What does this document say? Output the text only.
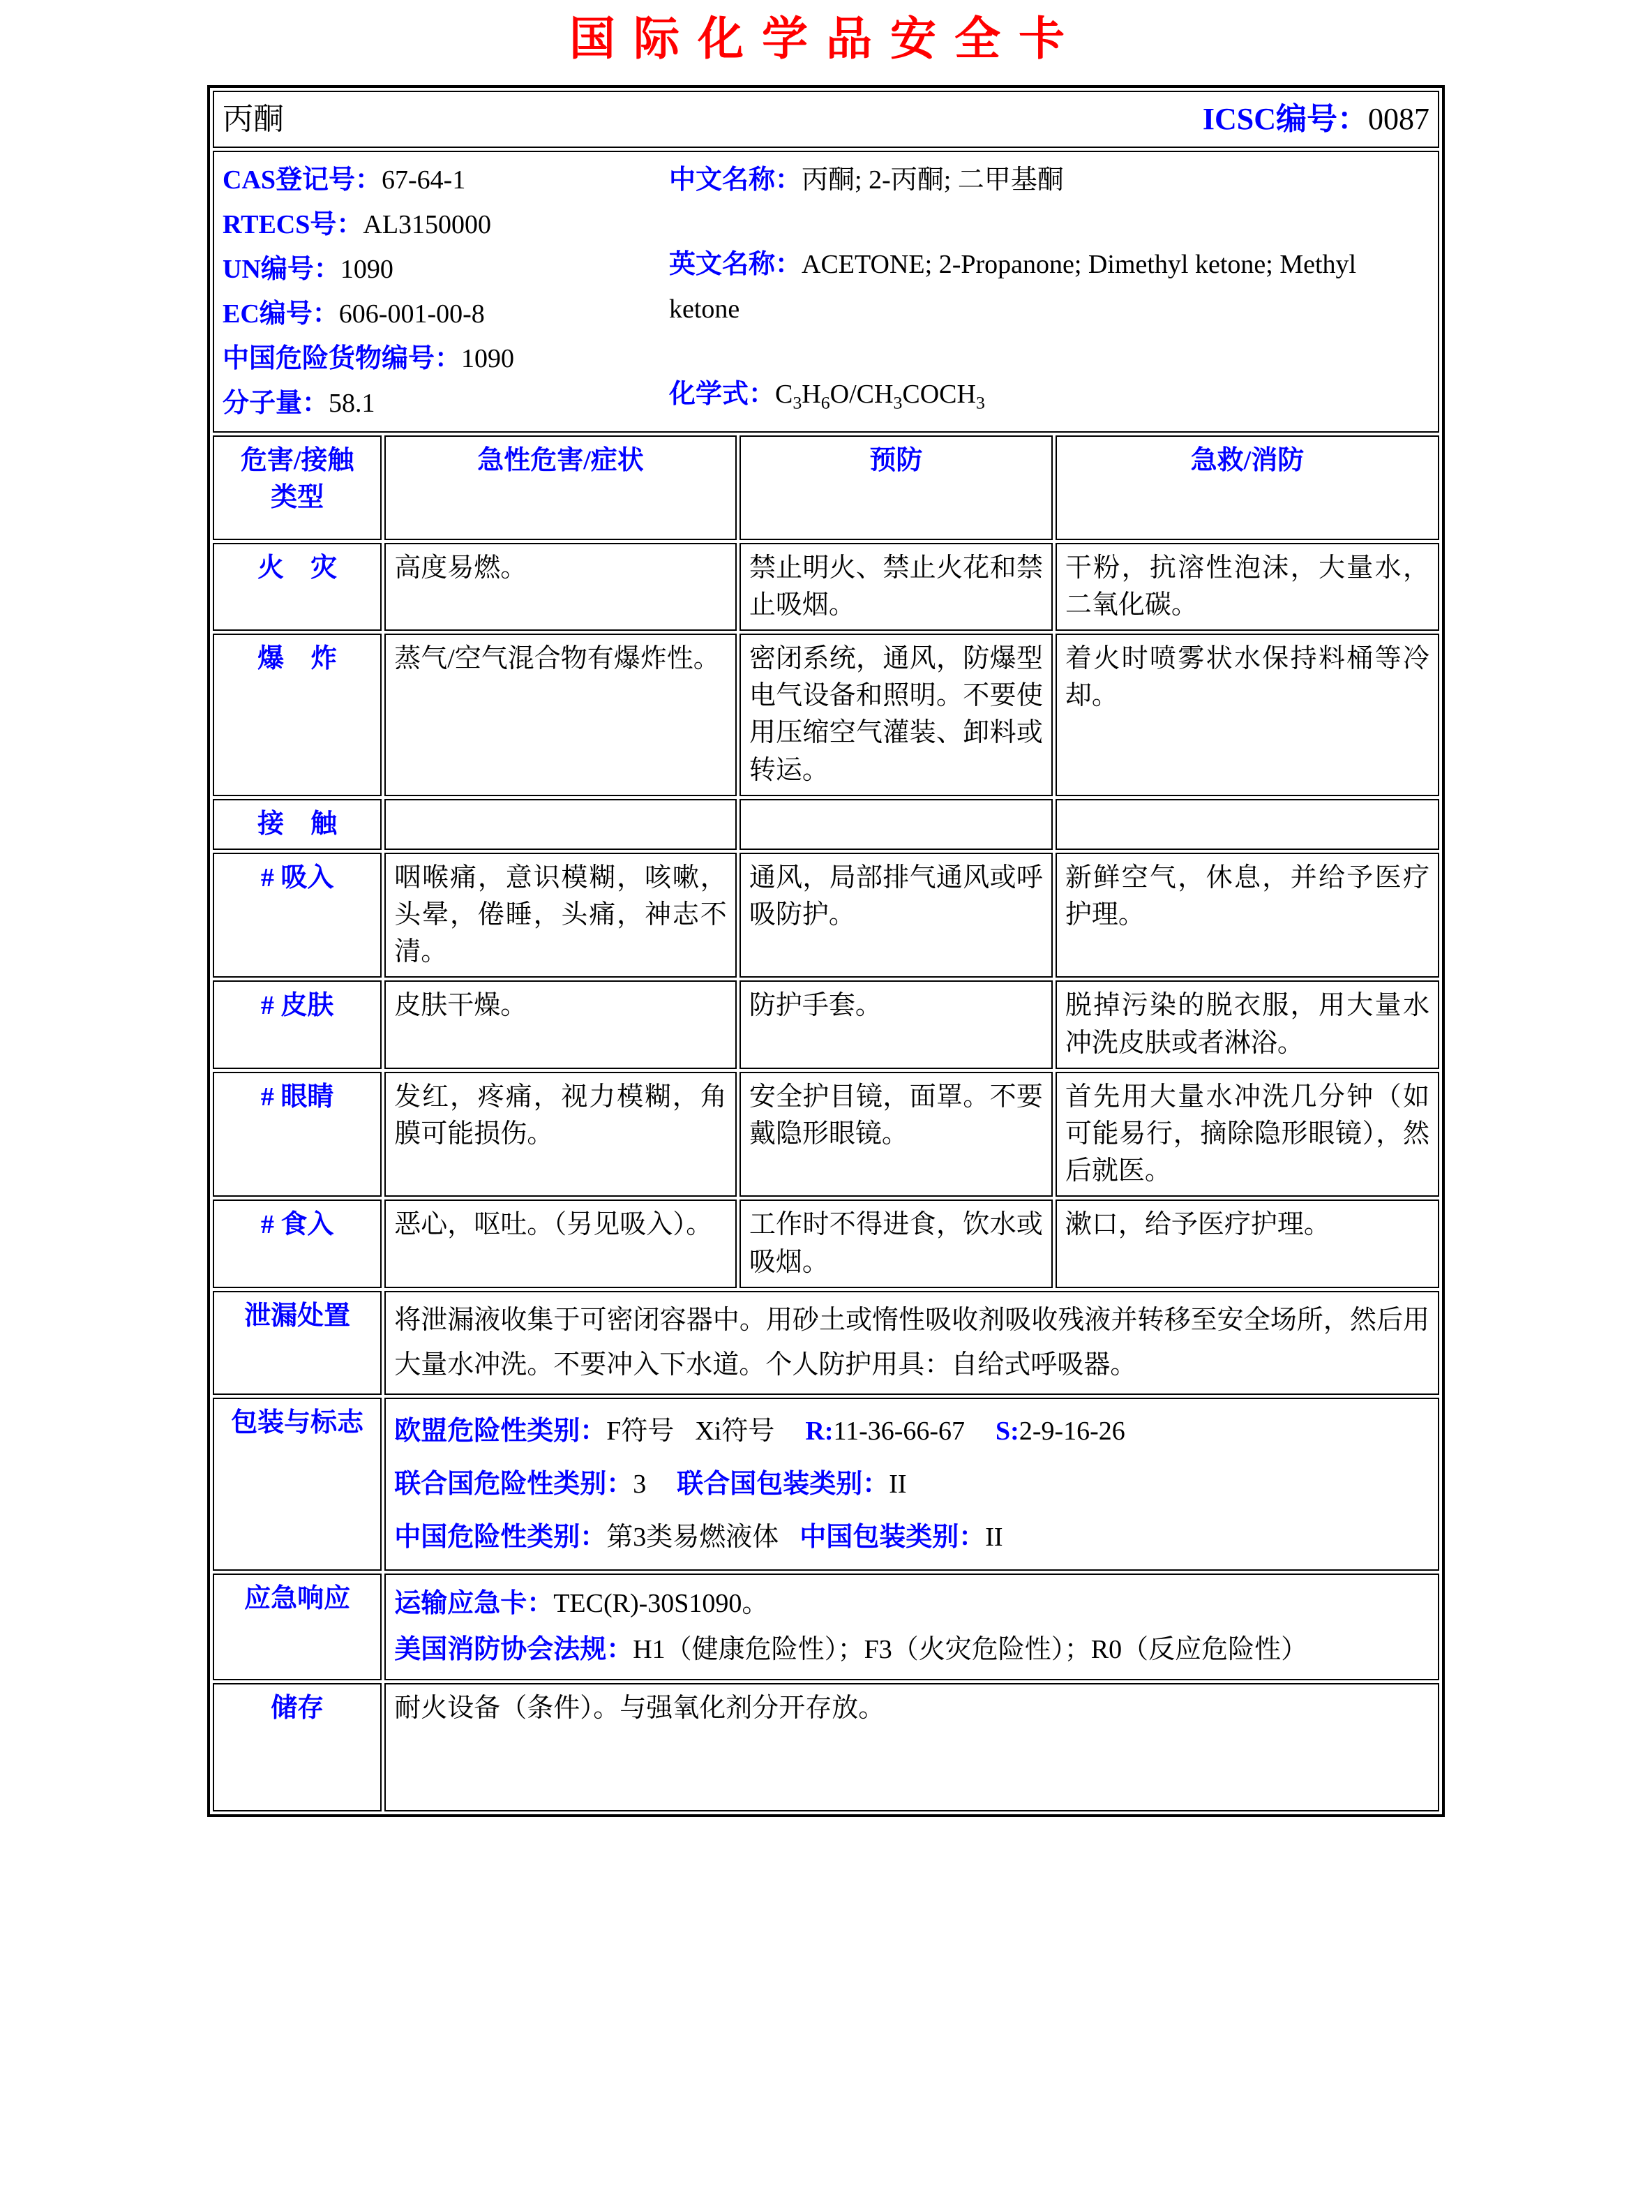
国际化学品安全卡
丙酮 ICSC编号：0087			

CAS登记号：67-64-1
RTECS号：AL3150000
UN编号：1090
EC编号：606-001-00-8
中国危险货物编号：1090
分子量：58.1
中文名称：丙酮; 2-丙酮; 二甲基酮
英文名称：ACETONE; 2-Propanone; Dimethyl ketone; Methyl ketone
化学式：$C_3H_6O/CH_3COCH_3$

危害/接触
类型	急性危害/症状	预防	急救/消防
火　灾	高度易燃。	禁止明火、禁止火花和禁止吸烟。	干粉，抗溶性泡沫，大量水，二氧化碳。
爆　炸	蒸气/空气混合物有爆炸性。	密闭系统，通风，防爆型电气设备和照明。不要使用压缩空气灌装、卸料或转运。	着火时喷雾状水保持料桶等冷却。
接　触			
# 吸入	咽喉痛，意识模糊，咳嗽，头晕，倦睡，头痛，神志不清。	通风，局部排气通风或呼吸防护。	新鲜空气，休息，并给予医疗护理。
# 皮肤	皮肤干燥。	防护手套。	脱掉污染的脱衣服，用大量水冲洗皮肤或者淋浴。
# 眼睛	发红，疼痛，视力模糊，角膜可能损伤。	安全护目镜，面罩。不要戴隐形眼镜。	首先用大量水冲洗几分钟（如可能易行，摘除隐形眼镜），然后就医。
# 食入	恶心，呕吐。（另见吸入）。	工作时不得进食，饮水或吸烟。	漱口，给予医疗护理。
泄漏处置	将泄漏液收集于可密闭容器中。用砂土或惰性吸收剂吸收残液并转移至安全场所，然后用大量水冲洗。不要冲入下水道。个人防护用具：自给式呼吸器。		

包装与标志	欧盟危险性类别：F符号 Xi符号 R:11-36-66-67 S:2-9-16-26
联合国危险性类别：3 联合国包装类别：II
中国危险性类别：第3类易燃液体 中国包装类别：II		

应急响应	运输应急卡：TEC(R)-30S1090。
美国消防协会法规：H1（健康危险性）；F3（火灾危险性）；R0（反应危险性）		

储存	耐火设备（条件）。与强氧化剂分开存放。		
